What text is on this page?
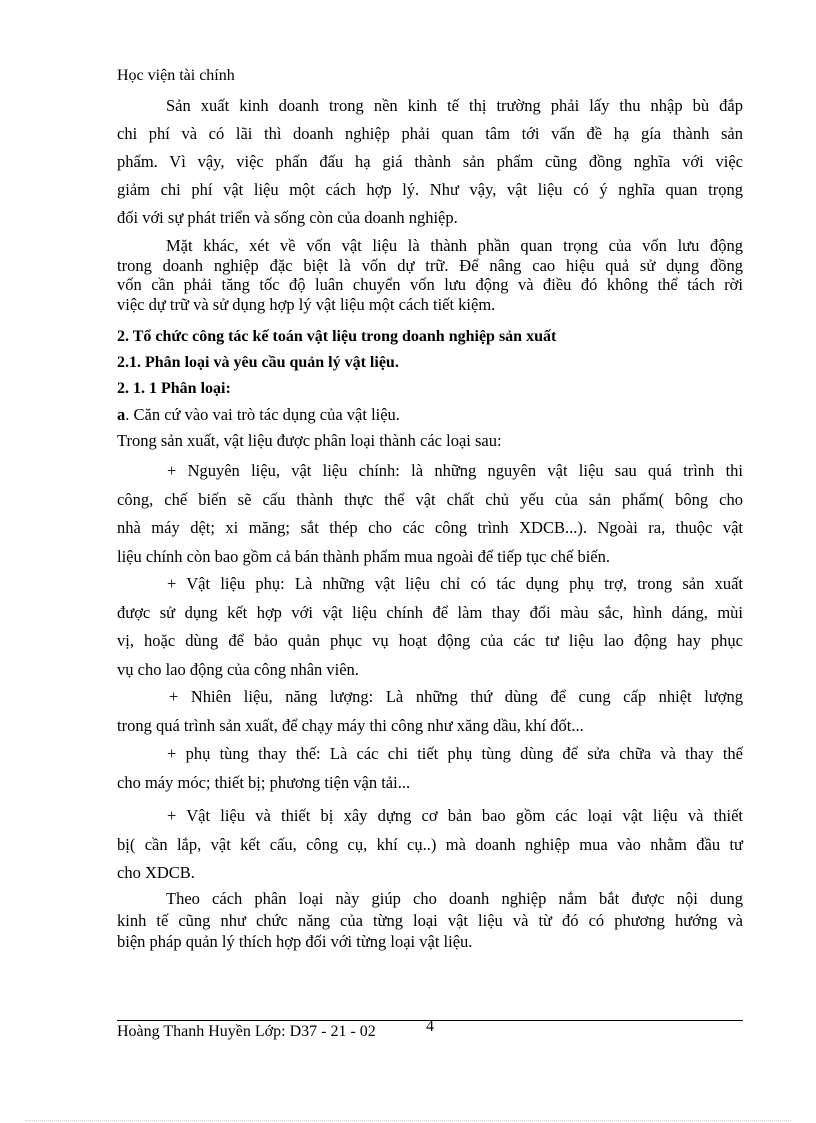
Học viện tài chính
Sản xuất kinh doanh trong nền kinh tế thị trường phải lấy thu nhập bù đắp
chi phí và có lãi thì doanh nghiệp phải quan tâm tới vấn đề hạ gía thành sản
phẩm. Vì vậy, việc phấn đấu hạ giá thành sản phẩm cũng đồng nghĩa với việc
giảm chi phí vật liệu một cách hợp lý. Như vậy, vật liệu có ý nghĩa quan trọng
đối với sự phát triển và sống còn của doanh nghiệp.
Mặt khác, xét về vốn vật liệu là thành phần quan trọng của vốn lưu động
trong doanh nghiệp đặc biệt là vốn dự trữ. Để nâng cao hiệu quả sử dụng đồng
vốn cần phải tăng tốc độ luân chuyển vốn lưu động và điều đó không thể tách rời
việc dự trữ và sử dụng hợp lý vật liệu một cách tiết kiệm.
2. Tổ chức công tác kế toán vật liệu trong doanh nghiệp sản xuất
2.1. Phân loại và yêu cầu quản lý vật liệu.
2. 1. 1 Phân loại:
a. Căn cứ vào vai trò tác dụng của vật liệu.
Trong sản xuất, vật liệu được phân loại thành các loại sau:
+ Nguyên liệu, vật liệu chính: là những nguyên vật liệu sau quá trình thi
công, chế biến sẽ cấu thành thực thể vật chất chủ yếu của sản phẩm( bông cho
nhà máy dệt; xi măng; sắt thép cho các công trình XDCB...). Ngoài ra, thuộc vật
liệu chính còn bao gồm cả bán thành phẩm mua ngoài để tiếp tục chế biến.
+ Vật liệu phụ: Là những vật liệu chỉ có tác dụng phụ trợ, trong sản xuất
được sử dụng kết hợp với vật liệu chính để làm thay đổi màu sắc, hình dáng, mùi
vị, hoặc dùng để bảo quản phục vụ hoạt động của các tư liệu lao động hay phục
vụ cho lao động của công nhân viên.
+ Nhiên liệu, năng lượng: Là những thứ dùng để cung cấp nhiệt lượng
trong quá trình sản xuất, để chạy máy thi công như xăng dầu, khí đốt...
+ phụ tùng thay thế: Là các chi tiết phụ tùng dùng để sửa chữa và thay thế
cho máy móc; thiết bị; phương tiện vận tải...
+ Vật liệu và thiết bị xây dựng cơ bản bao gồm các loại vật liệu và thiết
bị( cần lắp, vật kết cấu, công cụ, khí cụ..) mà doanh nghiệp mua vào nhằm đầu tư
cho XDCB.
Theo cách phân loại này giúp cho doanh nghiệp nắm bắt được nội dung
kinh tế cũng như chức năng của từng loại vật liệu và từ đó có phương hướng và
biện pháp quản lý thích hợp đối với từng loại vật liệu.
Hoàng Thanh Huyền Lớp: D37 - 21 - 02	4
